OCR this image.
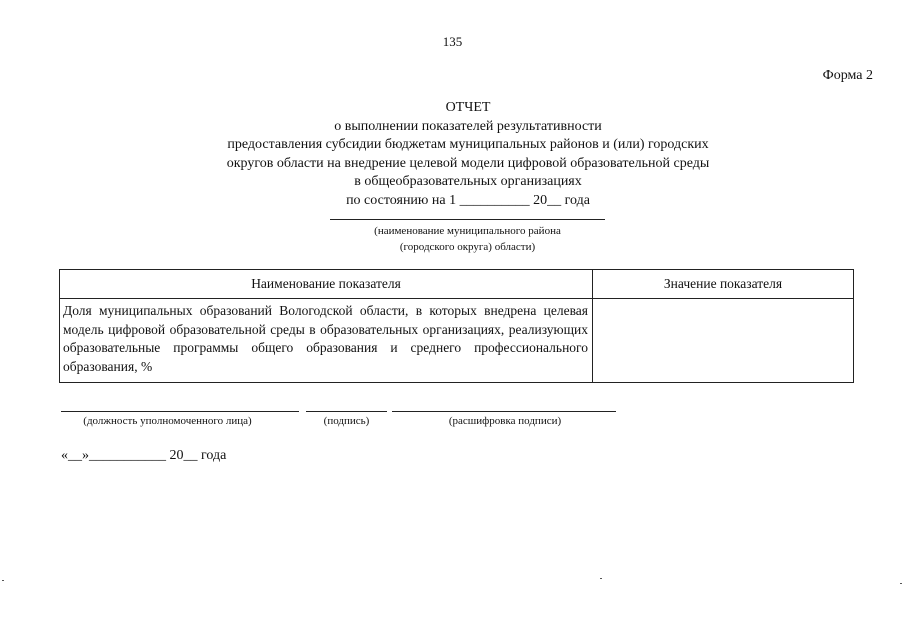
135
Форма 2
ОТЧЕТ
о выполнении показателей результативности
предоставления субсидии бюджетам муниципальных районов и (или) городских
округов области на внедрение целевой модели цифровой образовательной среды
в общеобразовательных организациях
по состоянию на 1 __________ 20__ года
(наименование муниципального района
(городского округа) области)
Наименование показателя	Значение показателя
Доля муниципальных образований Вологодской области, в которых внедрена целевая модель цифровой образовательной среды в образовательных организациях, реализующих образовательные программы общего образования и среднего профессионального образования, %	
(должность уполномоченного лица)	(подпись)	(расшифровка подписи)
«__»___________ 20__ года
